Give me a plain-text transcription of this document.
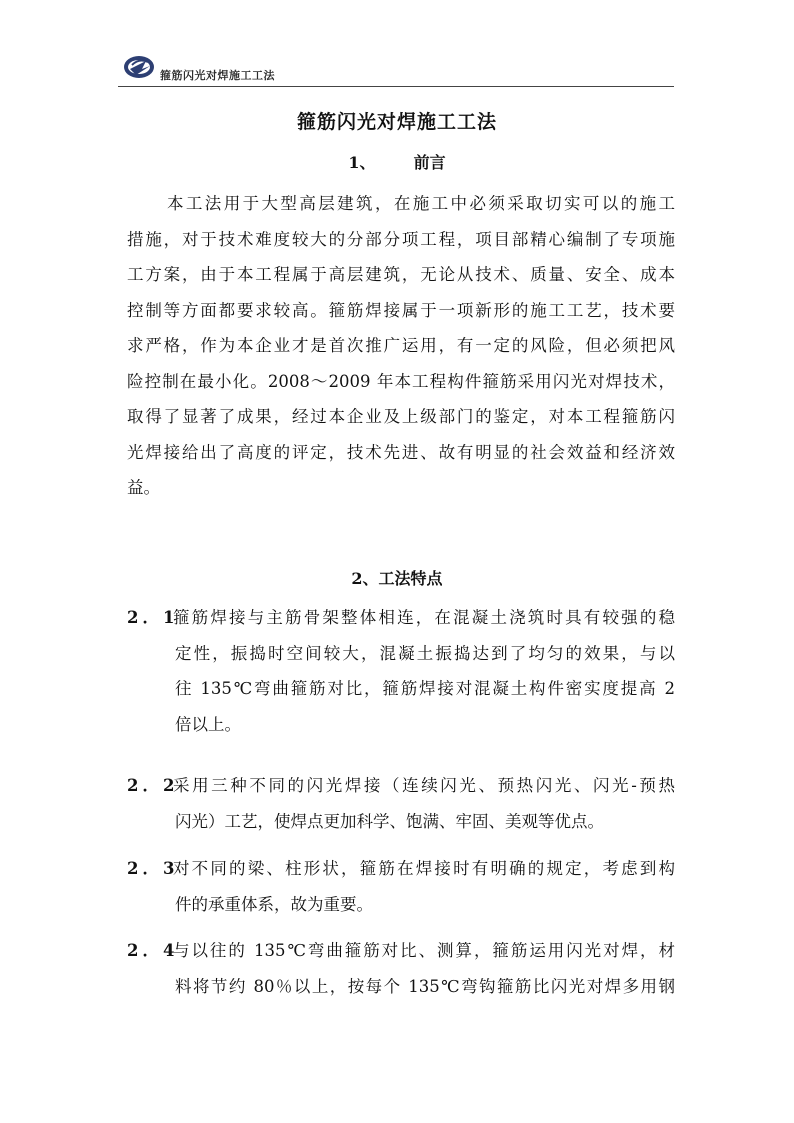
箍筋闪光对焊施工工法
箍筋闪光对焊施工工法
1、 前言
本工法用于大型高层建筑，在施工中必须采取切实可以的施工
措施，对于技术难度较大的分部分项工程，项目部精心编制了专项施
工方案，由于本工程属于高层建筑，无论从技术、质量、安全、成本
控制等方面都要求较高。箍筋焊接属于一项新形的施工工艺，技术要
求严格，作为本企业才是首次推广运用，有一定的风险，但必须把风
险控制在最小化。2008～2009 年本工程构件箍筋采用闪光对焊技术，
取得了显著了成果，经过本企业及上级部门的鉴定，对本工程箍筋闪
光焊接给出了高度的评定，技术先进、故有明显的社会效益和经济效
益。
2、工法特点
2．1
箍筋焊接与主筋骨架整体相连，在混凝土浇筑时具有较强的稳
定性，振捣时空间较大，混凝土振捣达到了均匀的效果，与以
往 135℃弯曲箍筋对比，箍筋焊接对混凝土构件密实度提高 2
倍以上。
2．2
采用三种不同的闪光焊接（连续闪光、预热闪光、闪光-预热
闪光）工艺，使焊点更加科学、饱满、牢固、美观等优点。
2．3
对不同的梁、柱形状，箍筋在焊接时有明确的规定，考虑到构
件的承重体系，故为重要。
2．4
与以往的 135℃弯曲箍筋对比、测算，箍筋运用闪光对焊，材
料将节约 80％以上，按每个 135℃弯钩箍筋比闪光对焊多用钢
